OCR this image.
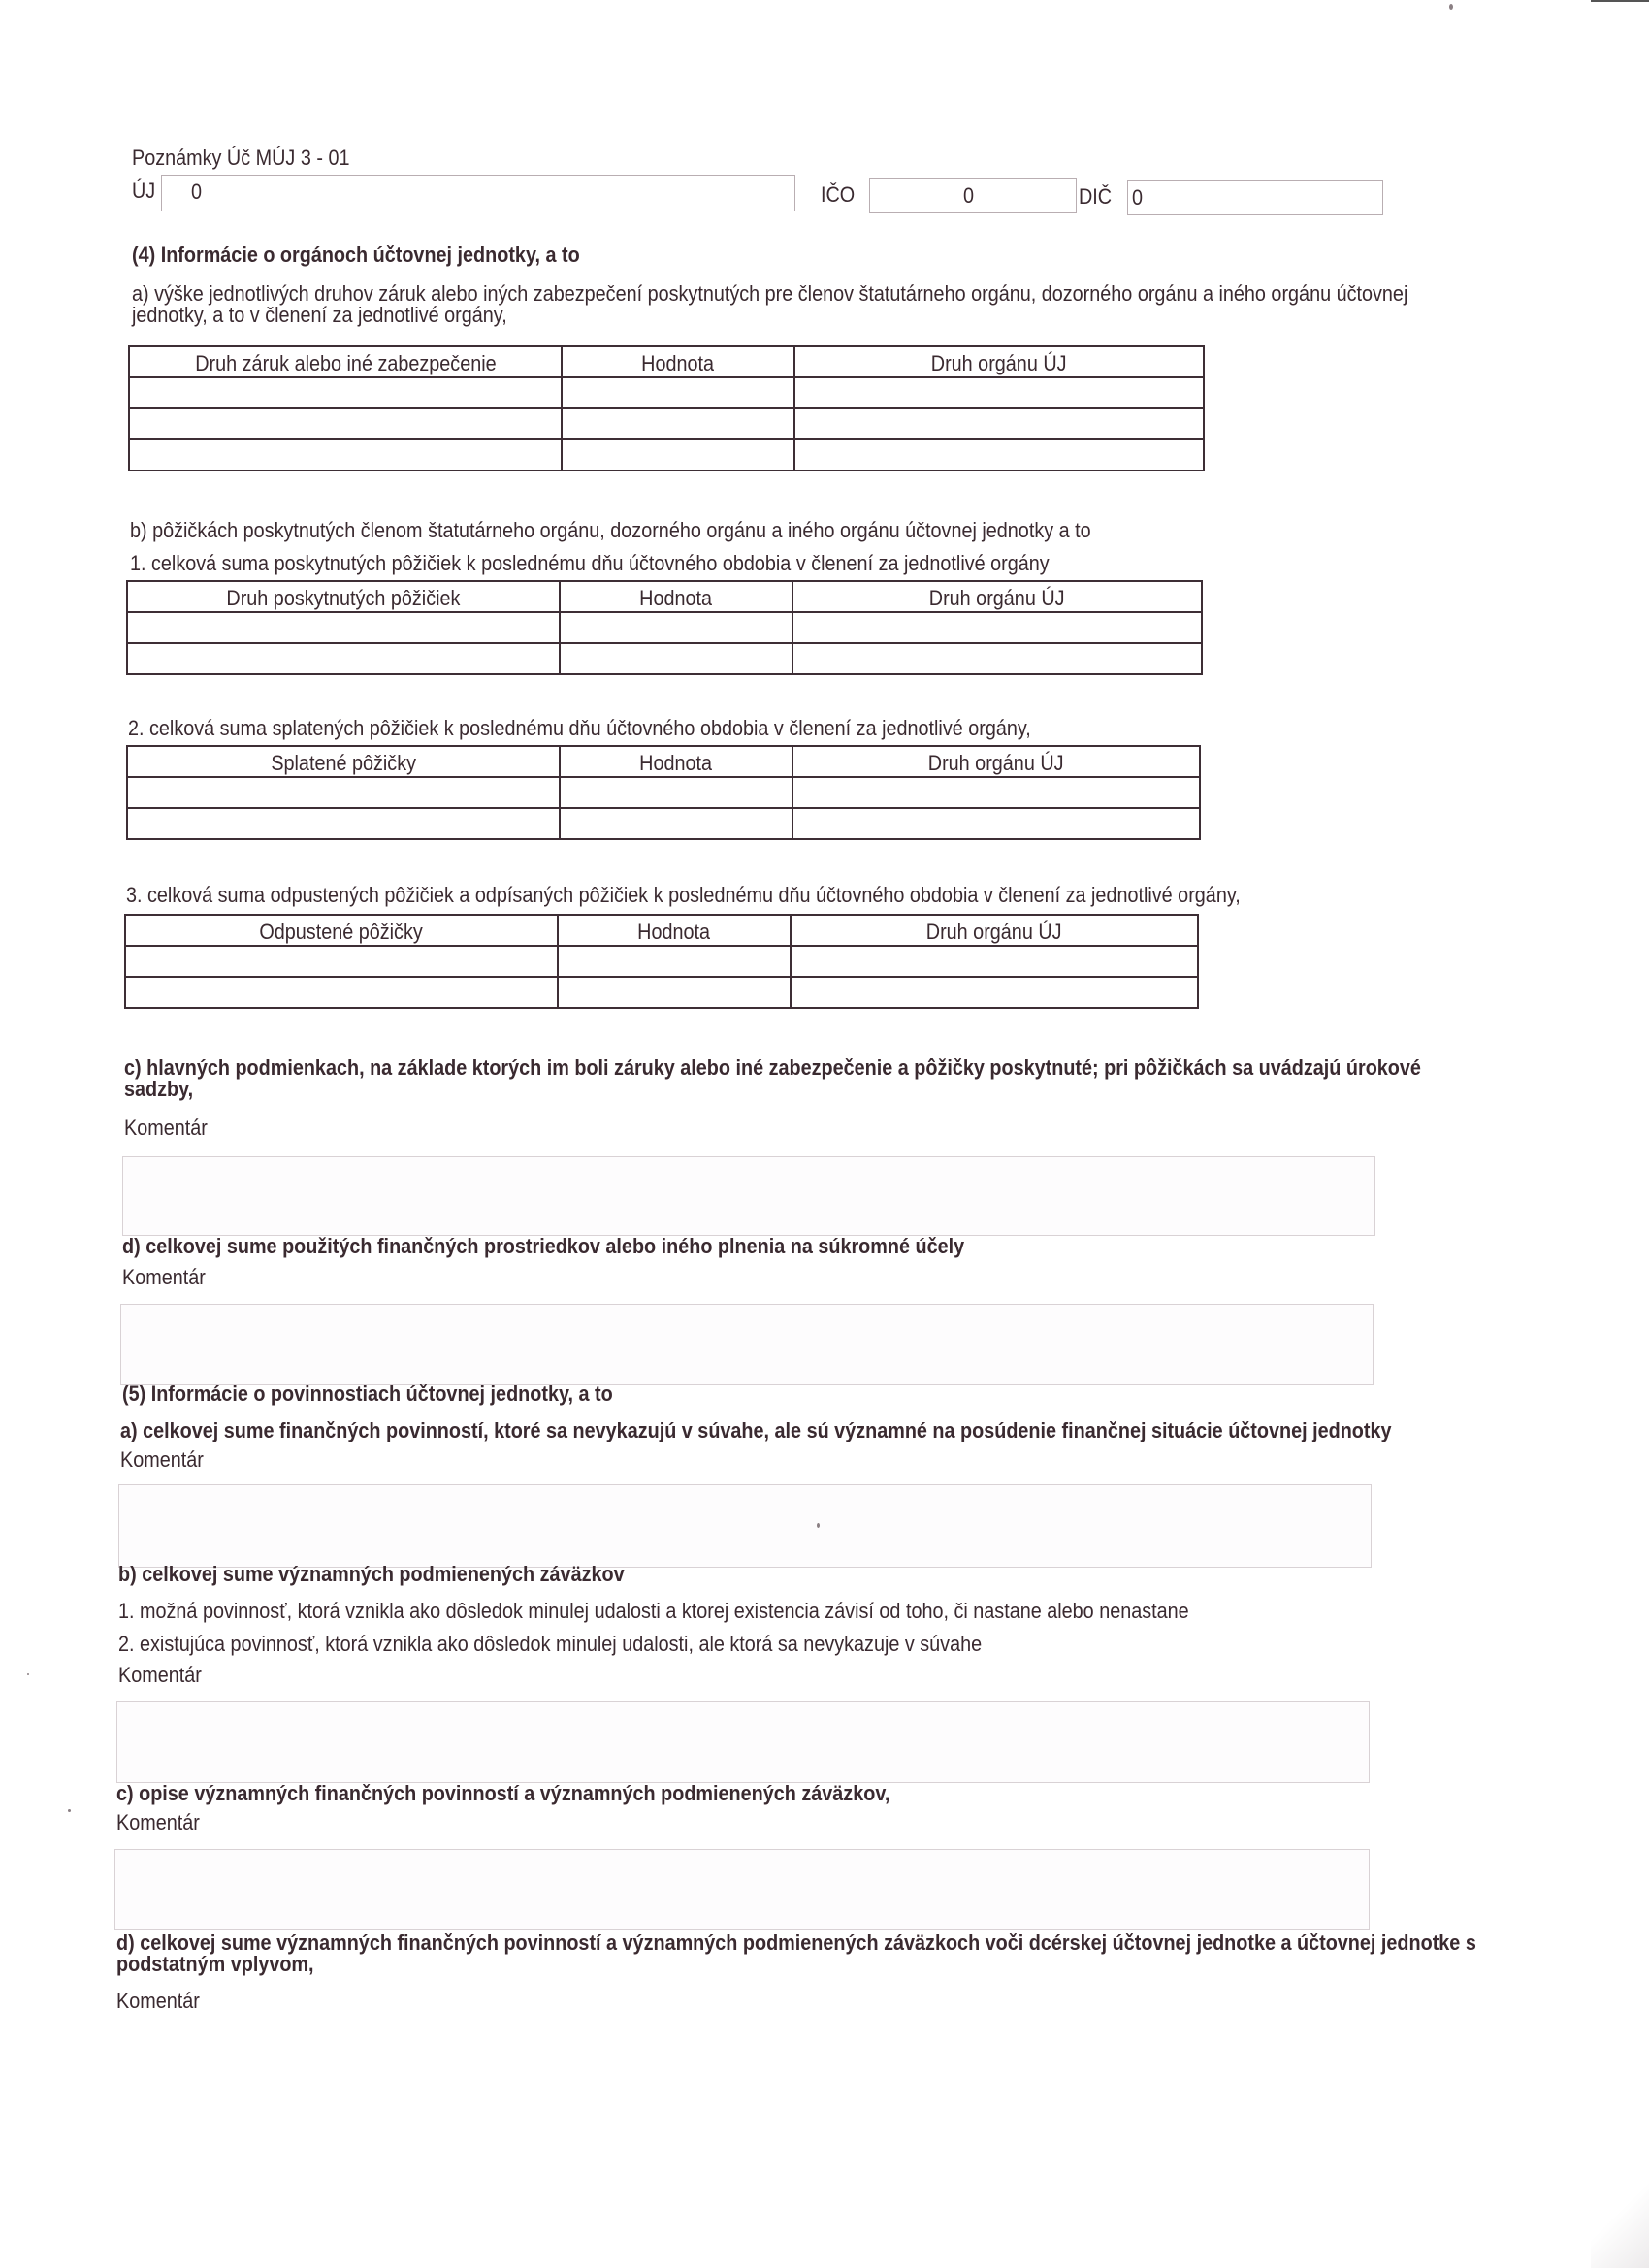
Poznámky Úč MÚJ 3 - 01
ÚJ 0	IČO	0	DIČ 0
(4) Informácie o orgánoch účtovnej jednotky, a to
a) výške jednotlivých druhov záruk alebo iných zabezpečení poskytnutých pre členov štatutárneho orgánu, dozorného orgánu a iného orgánu účtovnej
jednotky, a to v členení za jednotlivé orgány,
Druh záruk alebo iné zabezpečenie	Hodnota	Druh orgánu ÚJ

b) pôžičkách poskytnutých členom štatutárneho orgánu, dozorného orgánu a iného orgánu účtovnej jednotky a to
1. celková suma poskytnutých pôžičiek k poslednému dňu účtovného obdobia v členení za jednotlivé orgány
Druh poskytnutých pôžičiek	Hodnota	Druh orgánu ÚJ

2. celková suma splatených pôžičiek k poslednému dňu účtovného obdobia v členení za jednotlivé orgány,
Splatené pôžičky	Hodnota	Druh orgánu ÚJ

3. celková suma odpustených pôžičiek a odpísaných pôžičiek k poslednému dňu účtovného obdobia v členení za jednotlivé orgány,
Odpustené pôžičky	Hodnota	Druh orgánu ÚJ

c) hlavných podmienkach, na základe ktorých im boli záruky alebo iné zabezpečenie a pôžičky poskytnuté; pri pôžičkách sa uvádzajú úrokové
sadzby,
Komentár
d) celkovej sume použitých finančných prostriedkov alebo iného plnenia na súkromné účely
Komentár
(5) Informácie o povinnostiach účtovnej jednotky, a to
a) celkovej sume finančných povinností, ktoré sa nevykazujú v súvahe, ale sú významné na posúdenie finančnej situácie účtovnej jednotky
Komentár
b) celkovej sume významných podmienených záväzkov
1. možná povinnosť, ktorá vznikla ako dôsledok minulej udalosti a ktorej existencia závisí od toho, či nastane alebo nenastane
2. existujúca povinnosť, ktorá vznikla ako dôsledok minulej udalosti, ale ktorá sa nevykazuje v súvahe
Komentár
c) opise významných finančných povinností a významných podmienených záväzkov,
Komentár
d) celkovej sume významných finančných povinností a významných podmienených záväzkoch voči dcérskej účtovnej jednotke a účtovnej jednotke s
podstatným vplyvom,
Komentár
